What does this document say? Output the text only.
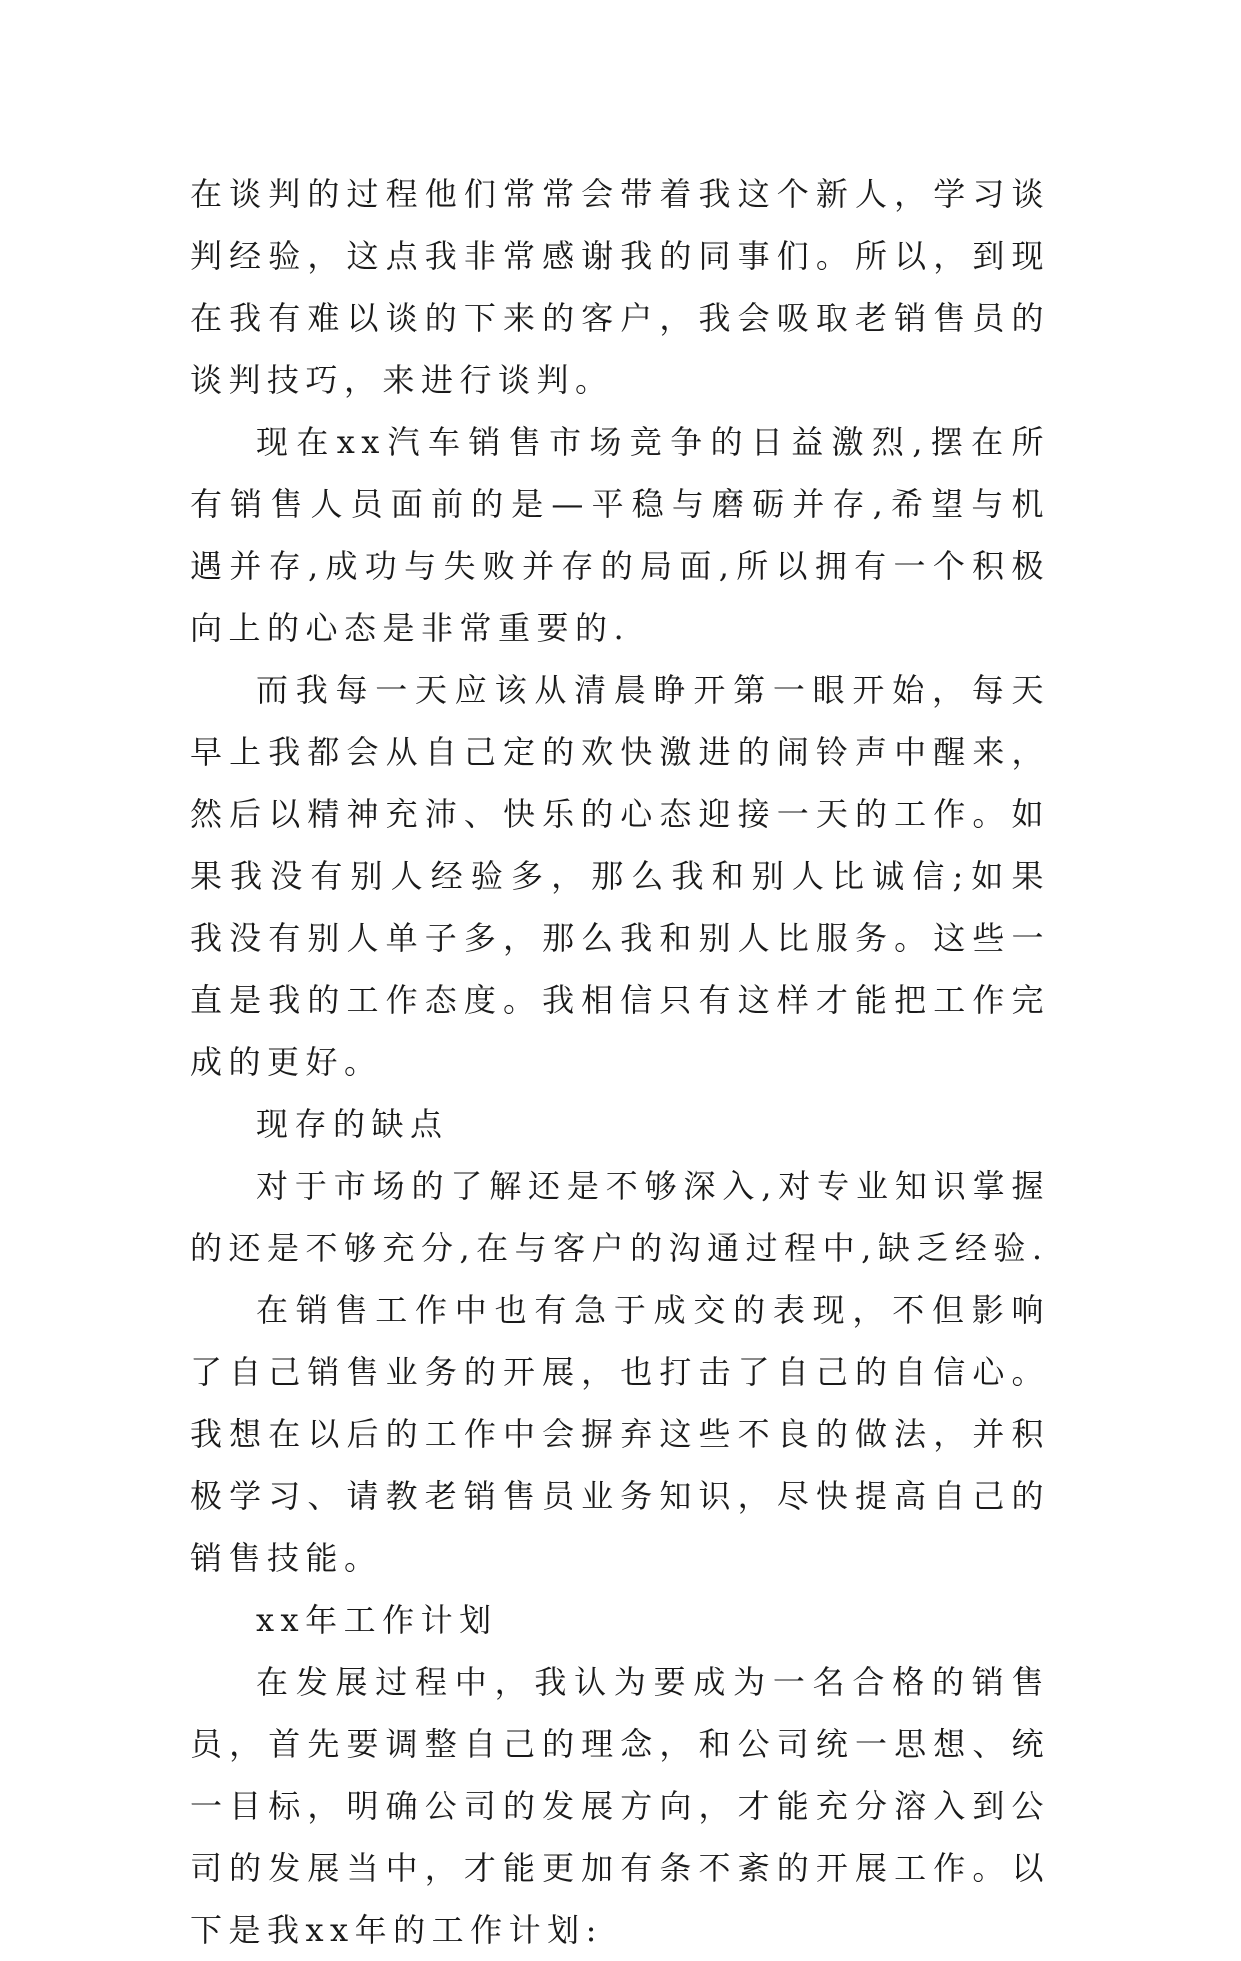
在谈判的过程他们常常会带着我这个新人，学习谈判经验，这点我非常感谢我的同事们。所以，到现在我有难以谈的下来的客户，我会吸取老销售员的谈判技巧，来进行谈判。

现在xx汽车销售市场竞争的日益激烈,摆在所有销售人员面前的是—平稳与磨砺并存,希望与机遇并存,成功与失败并存的局面,所以拥有一个积极向上的心态是非常重要的.

而我每一天应该从清晨睁开第一眼开始，每天早上我都会从自己定的欢快激进的闹铃声中醒来，然后以精神充沛、快乐的心态迎接一天的工作。如果我没有别人经验多，那么我和别人比诚信;如果我没有别人单子多，那么我和别人比服务。这些一直是我的工作态度。我相信只有这样才能把工作完成的更好。

现存的缺点

对于市场的了解还是不够深入,对专业知识掌握的还是不够充分,在与客户的沟通过程中,缺乏经验.

在销售工作中也有急于成交的表现，不但影响了自己销售业务的开展，也打击了自己的自信心。我想在以后的工作中会摒弃这些不良的做法，并积极学习、请教老销售员业务知识，尽快提高自己的销售技能。

xx年工作计划

在发展过程中，我认为要成为一名合格的销售员，首先要调整自己的理念，和公司统一思想、统一目标，明确公司的发展方向，才能充分溶入到公司的发展当中，才能更加有条不紊的开展工作。以下是我xx年的工作计划:
